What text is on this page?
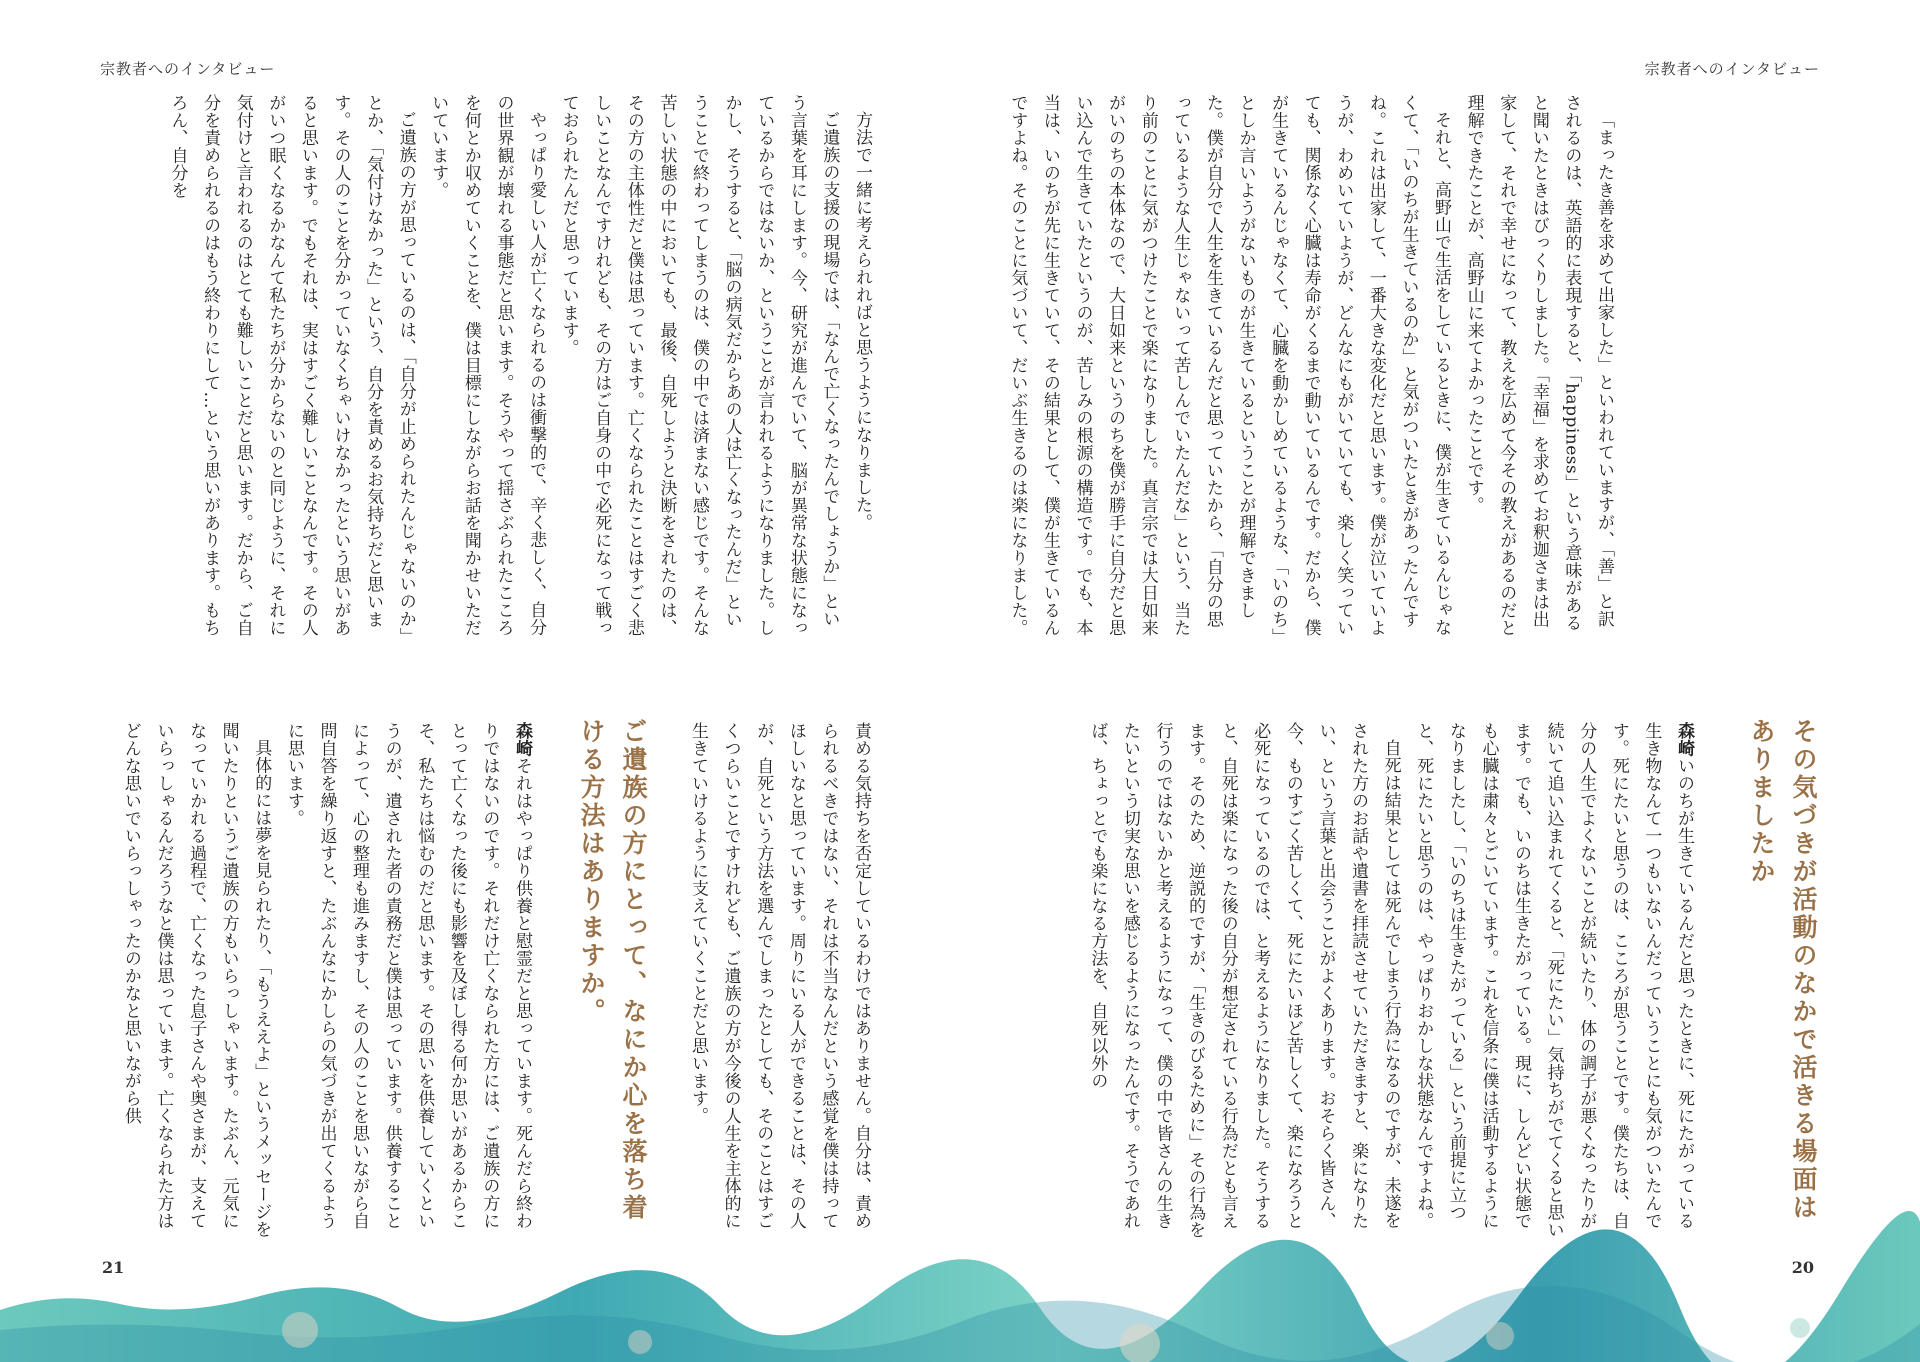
宗教者へのインタビュー	宗教者へのインタビュー

「まったき善を求めて出家した」といわれていますが、「善」と訳されるのは、英語的に表現すると、「happiness」という意味があると聞いたときはびっくりしました。「幸福」を求めてお釈迦さまは出家して、それで幸せになって、教えを広めて今その教えがあるのだと理解できたことが、高野山に来てよかったことです。

それと、高野山で生活をしているときに、僕が生きているんじゃなくて、「いのちが生きているのか」と気がついたときがあったんですね。これは出家して、一番大きな変化だと思います。僕が泣いていようが、わめいていようが、どんなにもがいていても、楽しく笑っていても、関係なく心臓は寿命がくるまで動いているんです。だから、僕が生きているんじゃなくて、心臓を動かしめているような、「いのち」としか言いようがないものが生きているということが理解できました。僕が自分で人生を生きているんだと思っていたから、「自分の思っているような人生じゃないって苦しんでいたんだな」という、当たり前のことに気がつけたことで楽になりました。真言宗では大日如来がいのちの本体なので、大日如来というのちを僕が勝手に自分だと思い込んで生きていたというのが、苦しみの根源の構造です。でも、本当は、いのちが先に生きていて、その結果として、僕が生きているんですよね。そのことに気づいて、だいぶ生きるのは楽になりました。

その気づきが活動のなかで活きる場面はありましたか

森崎いのちが生きているんだと思ったときに、死にたがっている生き物なんて一つもいないんだっていうことにも気がついたんです。死にたいと思うのは、こころが思うことです。僕たちは、自分の人生でよくないことが続いたり、体の調子が悪くなったりが続いて追い込まれてくると、「死にたい」気持ちがでてくると思います。でも、いのちは生きたがっている。現に、しんどい状態でも心臓は粛々とごいています。これを信条に僕は活動するようになりましたし、「いのちは生きたがっている」という前提に立つと、死にたいと思うのは、やっぱりおかしな状態なんですよね。

自死は結果としては死んでしまう行為になるのですが、未遂をされた方のお話や遺書を拝読させていただきますと、楽になりたい、という言葉と出会うことがよくあります。おそらく皆さん、今、ものすごく苦しくて、死にたいほど苦しくて、楽になろうと必死になっているのでは、と考えるようになりました。そうすると、自死は楽になった後の自分が想定されている行為だとも言えます。そのため、逆説的ですが、「生きのびるために」その行為を行うのではないかと考えるようになって、僕の中で皆さんの生きたいという切実な思いを感じるようになったんです。そうであれば、ちょっとでも楽になる方法を、自死以外の

20

方法で一緒に考えられればと思うようになりました。

ご遺族の支援の現場では、「なんで亡くなったんでしょうか」という言葉を耳にします。今、研究が進んでいて、脳が異常な状態になっているからではないか、ということが言われるようになりました。しかし、そうすると、「脳の病気だからあの人は亡くなったんだ」ということで終わってしまうのは、僕の中では済まない感じです。そんな苦しい状態の中においても、最後、自死しようと決断をされたのは、その方の主体性だと僕は思っています。亡くなられたことはすごく悲しいことなんですけれども、その方はご自身の中で必死になって戦っておられたんだと思っています。

やっぱり愛しい人が亡くなられるのは衝撃的で、辛く悲しく、自分の世界観が壊れる事態だと思います。そうやって揺さぶられたこころを何とか収めていくことを、僕は目標にしながらお話を聞かせいただいています。

ご遺族の方が思っているのは、「自分が止められたんじゃないのか」とか、「気付けなかった」という、自分を責めるお気持ちだと思います。その人のことを分かっていなくちゃいけなかったという思いがあると思います。でもそれは、実はすごく難しいことなんです。その人がいつ眠くなるかなんて私たちが分からないのと同じように、それに気付けと言われるのはとても難しいことだと思います。だから、ご自分を責められるのはもう終わりにして…という思いがあります。もちろん、自分を

責める気持ちを否定しているわけではありません。自分は、責められるべきではない、それは不当なんだという感覚を僕は持ってほしいなと思っています。周りにいる人ができることは、その人が、自死という方法を選んでしまったとしても、そのことはすごくつらいことですけれども、ご遺族の方が今後の人生を主体的に生きていけるように支えていくことだと思います。

ご遺族の方にとって、なにか心を落ち着ける方法はありますか。

森崎それはやっぱり供養と慰霊だと思っています。死んだら終わりではないのです。それだけ亡くなられた方には、ご遺族の方にとって亡くなった後にも影響を及ぼし得る何か思いがあるからこそ、私たちは悩むのだと思います。その思いを供養していくというのが、遺された者の責務だと僕は思っています。供養することによって、心の整理も進みますし、その人のことを思いながら自問自答を繰り返すと、たぶんなにかしらの気づきが出てくるように思います。

具体的には夢を見られたり、「もうええよ」というメッセージを聞いたりというご遺族の方もいらっしゃいます。たぶん、元気になっていかれる過程で、亡くなった息子さんや奥さまが、支えていらっしゃるんだろうなと僕は思っています。亡くなられた方はどんな思いでいらっしゃったのかなと思いながら供

21
